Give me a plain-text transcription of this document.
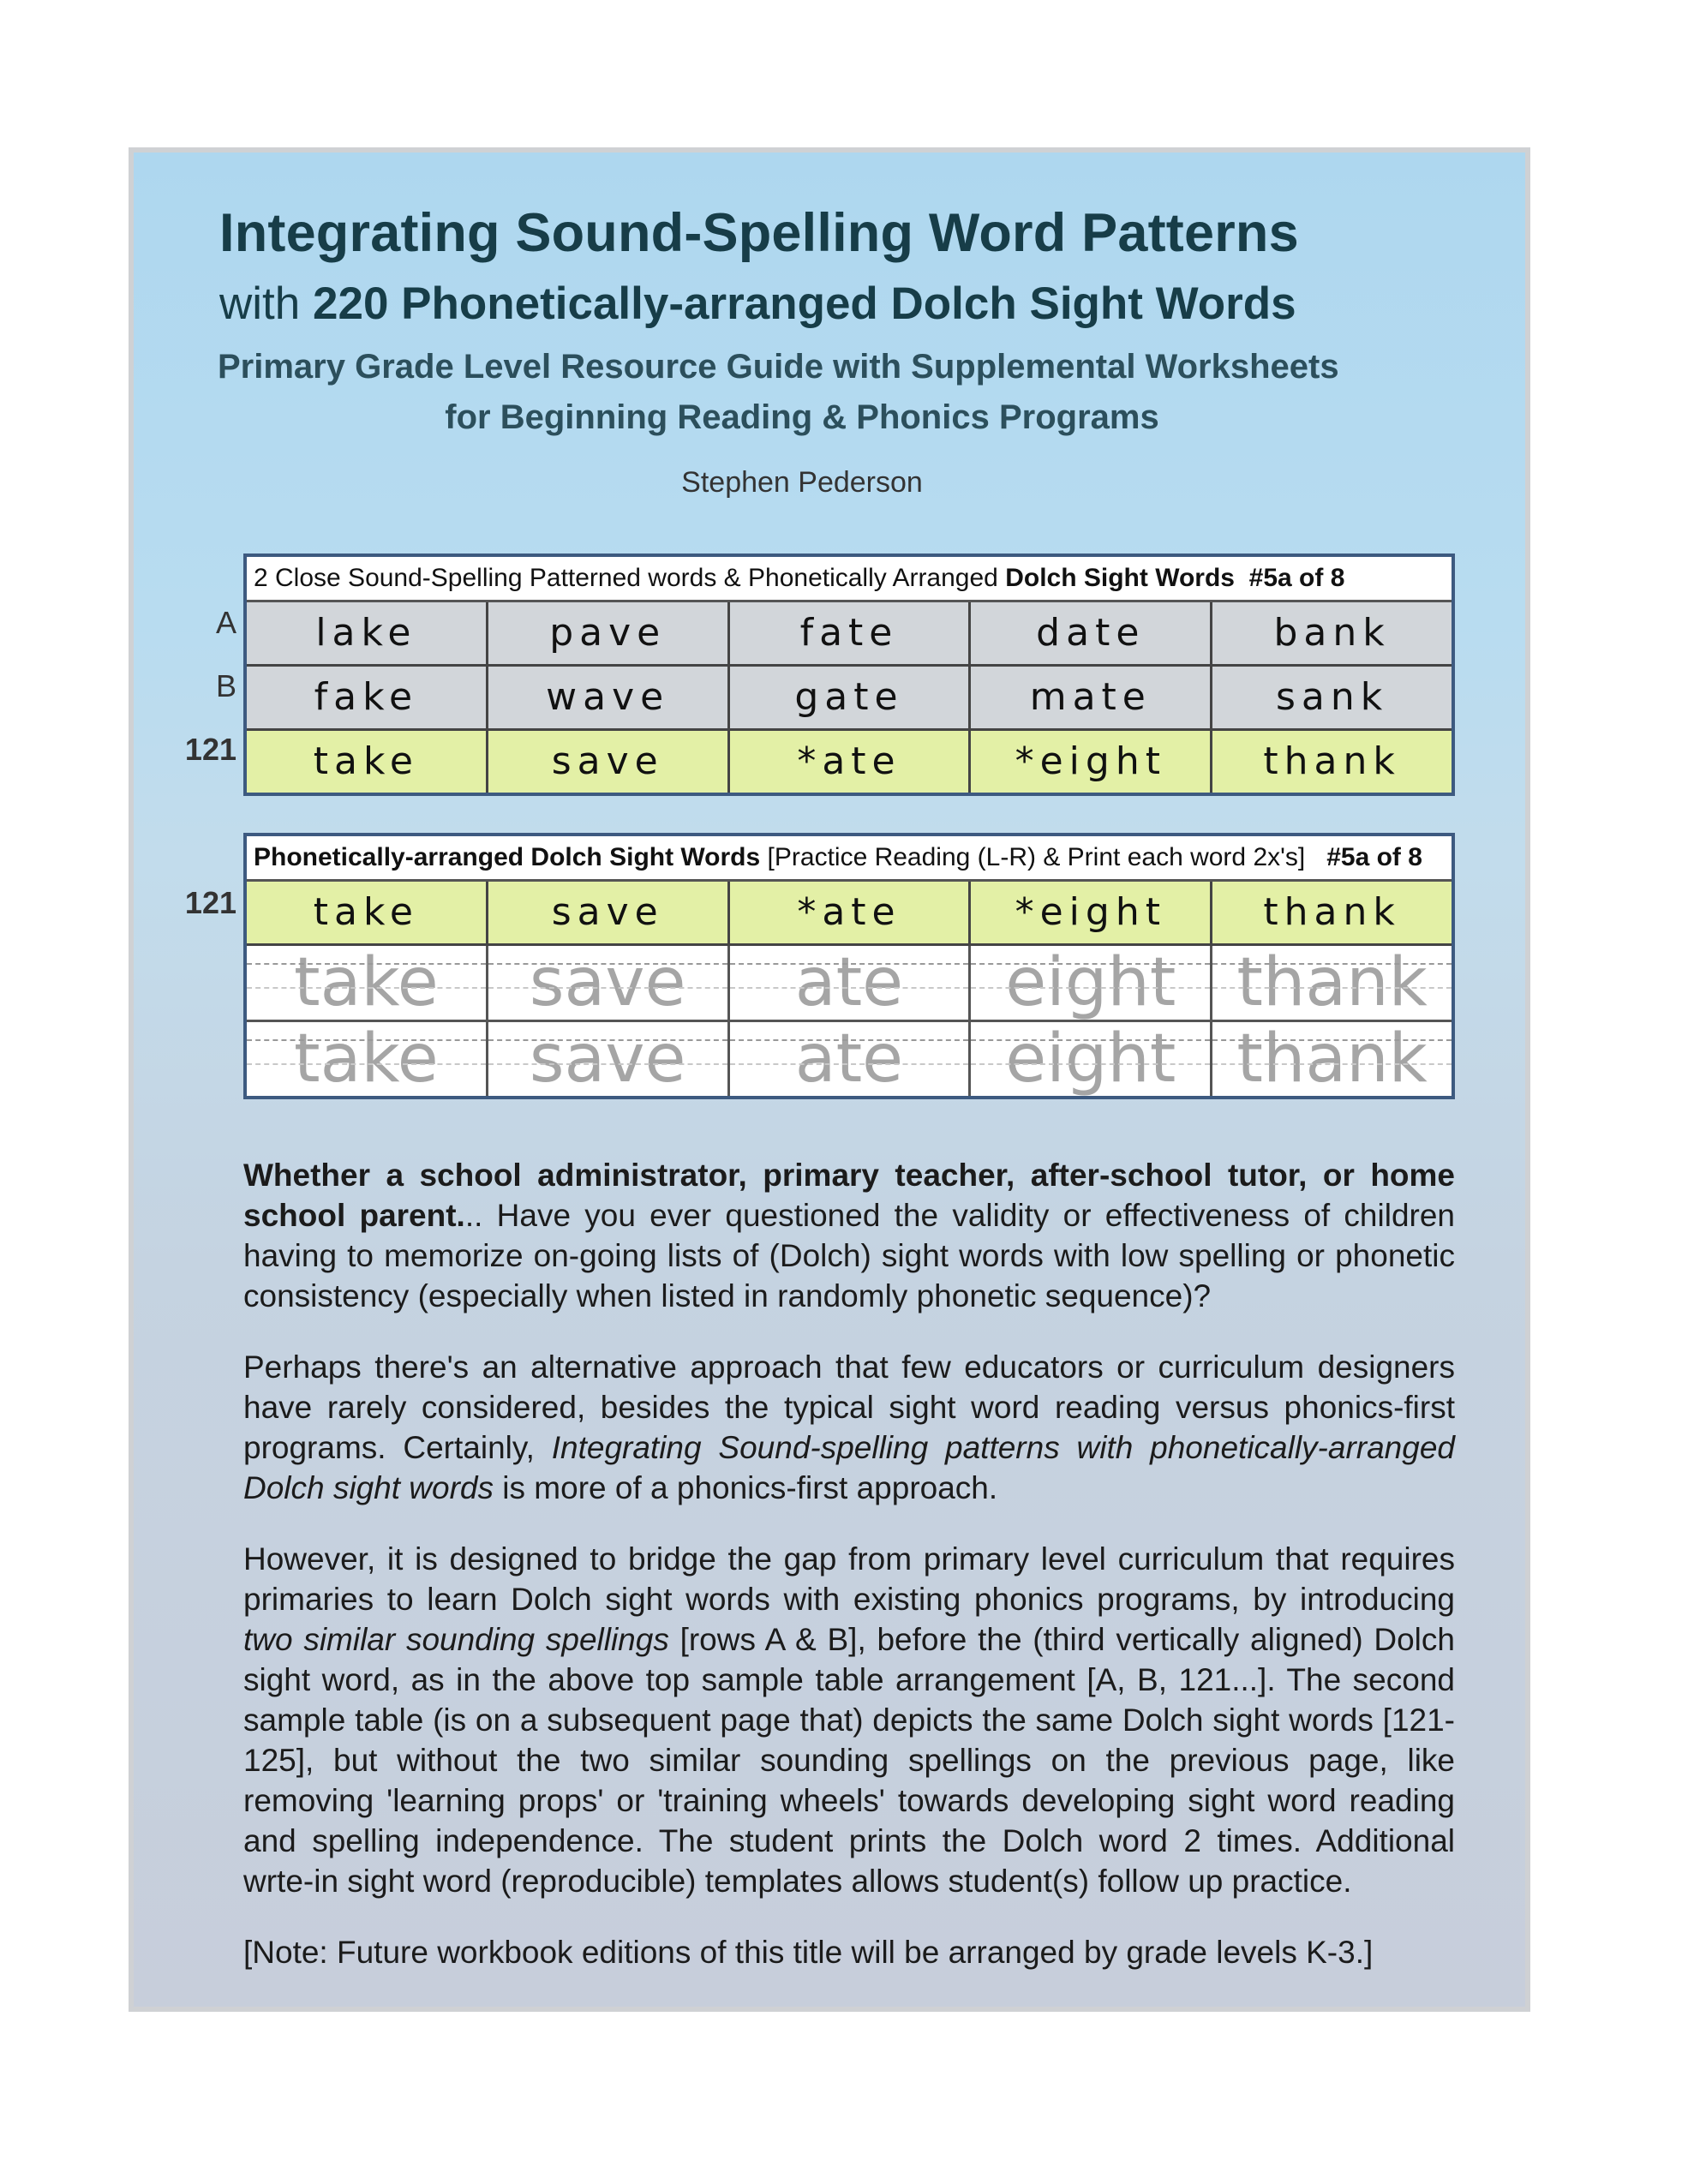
Integrating Sound-Spelling Word Patterns
with 220 Phonetically-arranged Dolch Sight Words
Primary Grade Level Resource Guide with Supplemental Worksheets
for Beginning Reading & Phonics Programs
Stephen Pederson
A
B
121
2 Close Sound-Spelling Patterned words & Phonetically Arranged Dolch Sight Words #5a of 8
lake	pave	fate	date	bank
fake	wave	gate	mate	sank
take	save	*ate	*eight	thank
121
Phonetically-arranged Dolch Sight Words [Practice Reading (L-R) & Print each word 2x's] #5a of 8
take	save	*ate	*eight	thank
take	save	ate	eight thank
take	save	ate	eight thank

Whether a school administrator, primary teacher, after-school tutor, or home school parent... Have you ever questioned the validity or effectiveness of children having to memorize on-going lists of (Dolch) sight words with low spelling or phonetic consistency (especially when listed in randomly phonetic sequence)?

Perhaps there's an alternative approach that few educators or curriculum designers have rarely considered, besides the typical sight word reading versus phonics-first programs. Certainly, Integrating Sound-spelling patterns with phonetically-arranged Dolch sight words is more of a phonics-first approach.

However, it is designed to bridge the gap from primary level curriculum that requires primaries to learn Dolch sight words with existing phonics programs, by introducing two similar sounding spellings [rows A & B], before the (third vertically aligned) Dolch sight word, as in the above top sample table arrangement [A, B, 121...]. The second sample table (is on a subsequent page that) depicts the same Dolch sight words [121-125], but without the two similar sounding spellings on the previous page, like removing 'learning props' or 'training wheels' towards developing sight word reading and spelling independence. The student prints the Dolch word 2 times. Additional wrte-in sight word (reproducible) templates allows student(s) follow up practice.

[Note: Future workbook editions of this title will be arranged by grade levels K-3.]
